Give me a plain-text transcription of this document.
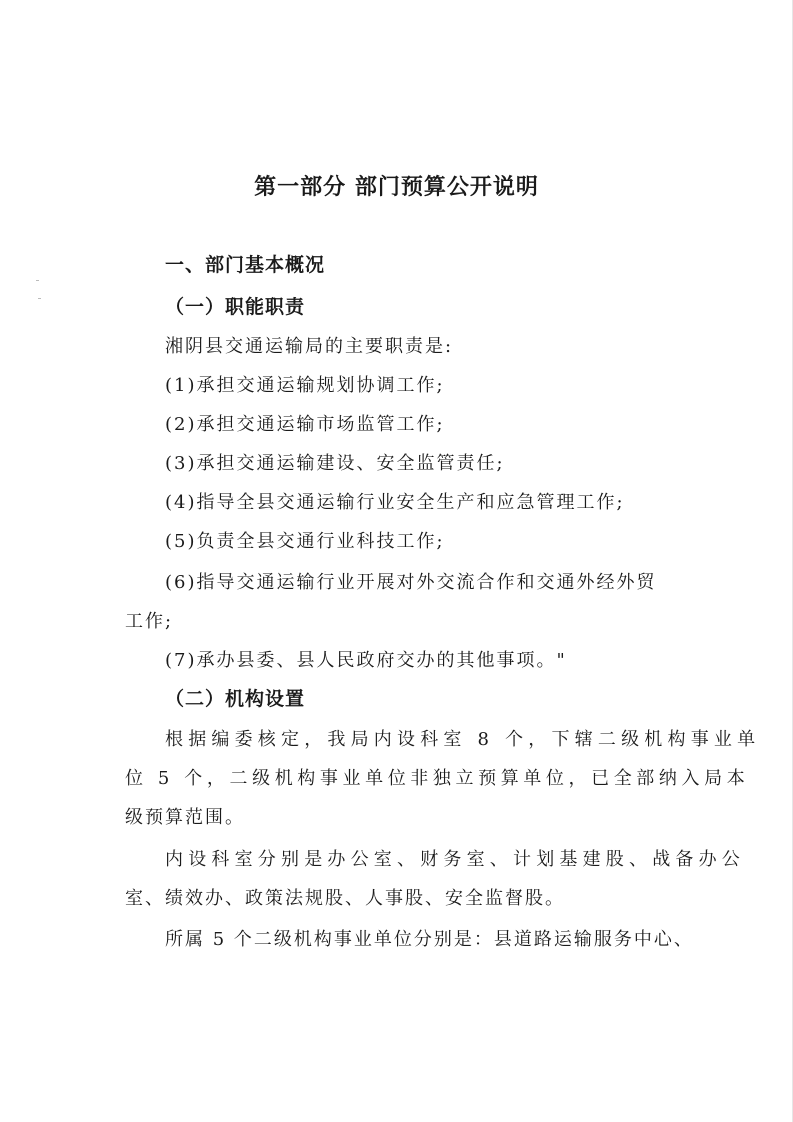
第一部分 部门预算公开说明
一、部门基本概况
（一）职能职责
湘阴县交通运输局的主要职责是:
(1)承担交通运输规划协调工作;
(2)承担交通运输市场监管工作;
(3)承担交通运输建设、安全监管责任;
(4)指导全县交通运输行业安全生产和应急管理工作;
(5)负责全县交通行业科技工作;
(6)指导交通运输行业开展对外交流合作和交通外经外贸
工作;
(7)承办县委、县人民政府交办的其他事项。"
（二）机构设置
根据编委核定，我局内设科室 8 个，下辖二级机构事业单
位 5 个，二级机构事业单位非独立预算单位，已全部纳入局本
级预算范围。
内设科室分别是办公室、财务室、计划基建股、战备办公
室、绩效办、政策法规股、人事股、安全监督股。
所属 5 个二级机构事业单位分别是：县道路运输服务中心、
